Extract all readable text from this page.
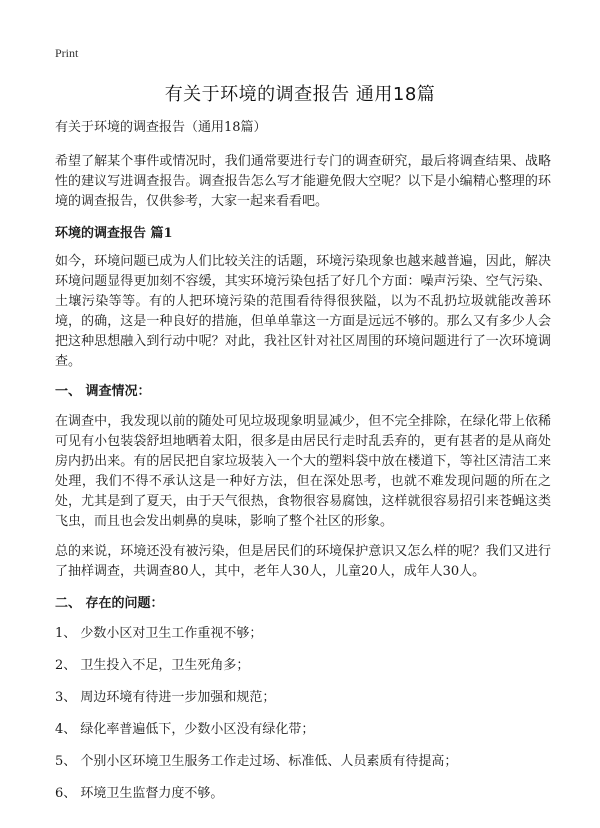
Print
有关于环境的调查报告 通用18篇

有关于环境的调查报告（通用18篇）

希望了解某个事件或情况时，我们通常要进行专门的调查研究，最后将调查结果、战略性的建议写进调查报告。调查报告怎么写才能避免假大空呢？以下是小编精心整理的环境的调查报告，仅供参考，大家一起来看看吧。

环境的调查报告 篇1

如今，环境问题已成为人们比较关注的话题，环境污染现象也越来越普遍，因此，解决环境问题显得更加刻不容缓，其实环境污染包括了好几个方面：噪声污染、空气污染、土壤污染等等。有的人把环境污染的范围看待得很狭隘，以为不乱扔垃圾就能改善环境，的确，这是一种良好的措施，但单单靠这一方面是远远不够的。那么又有多少人会把这种思想融入到行动中呢？对此，我社区针对社区周围的环境问题进行了一次环境调查。

一、 调查情况：

在调查中，我发现以前的随处可见垃圾现象明显减少，但不完全排除，在绿化带上依稀可见有小包装袋舒坦地晒着太阳，很多是由居民行走时乱丢弃的，更有甚者的是从商处房内扔出来。有的居民把自家垃圾装入一个大的塑料袋中放在楼道下，等社区清洁工来处理，我们不得不承认这是一种好方法，但在深处思考，也就不难发现问题的所在之处，尤其是到了夏天，由于天气很热，食物很容易腐蚀，这样就很容易招引来苍蝇这类飞虫，而且也会发出刺鼻的臭味，影响了整个社区的形象。

总的来说，环境还没有被污染，但是居民们的环境保护意识又怎么样的呢？我们又进行了抽样调查，共调查80人，其中，老年人30人，儿童20人，成年人30人。

二、 存在的问题：

1、 少数小区对卫生工作重视不够；

2、 卫生投入不足，卫生死角多；

3、 周边环境有待进一步加强和规范；

4、 绿化率普遍低下，少数小区没有绿化带；

5、 个别小区环境卫生服务工作走过场、标准低、人员素质有待提高；

6、 环境卫生监督力度不够。
